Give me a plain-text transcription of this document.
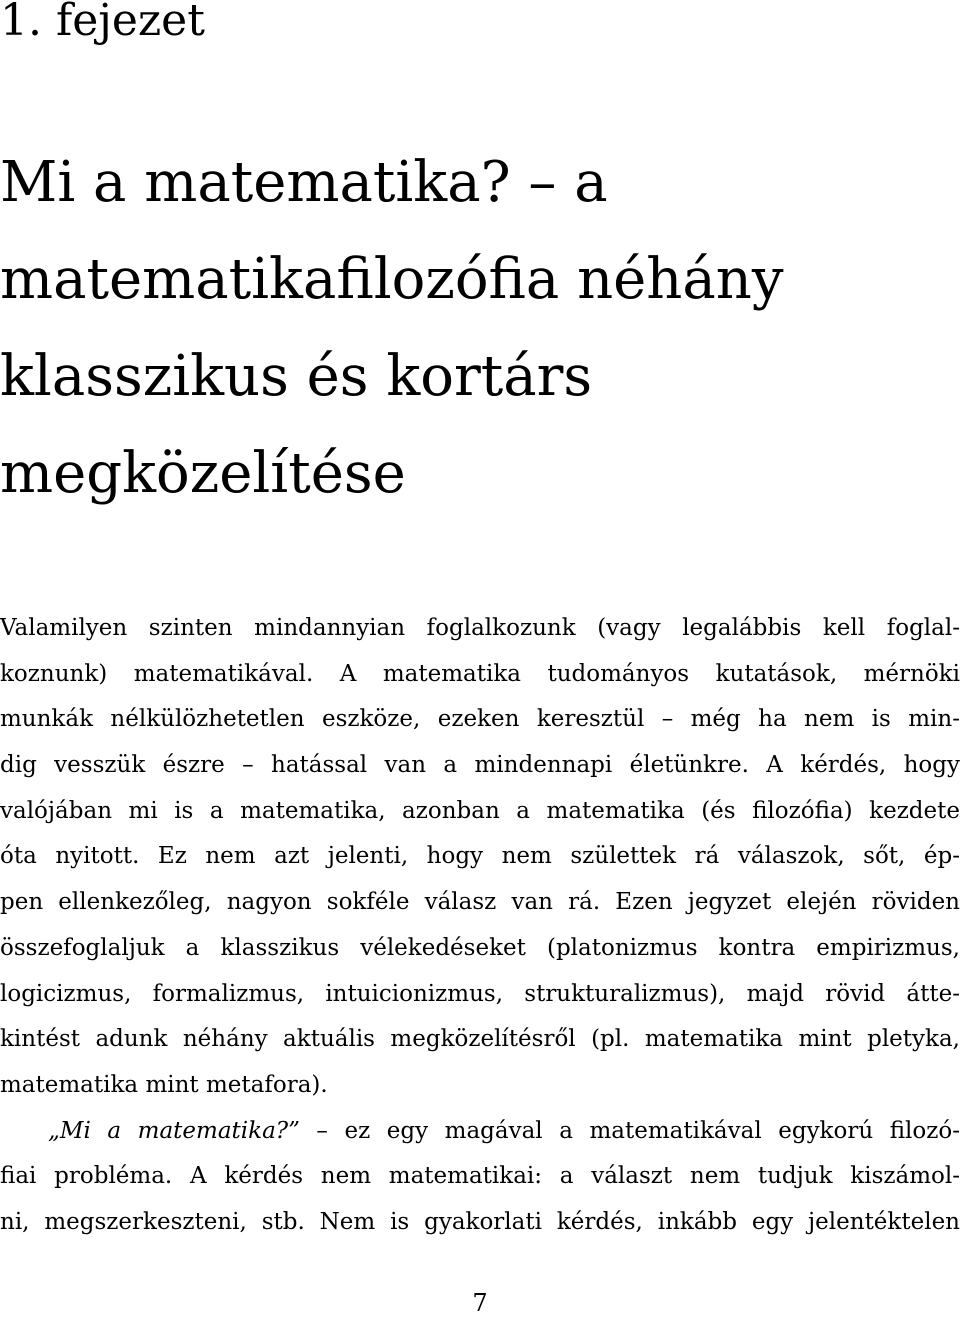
1. fejezet
Mi a matematika? – a
matematikafilozófia néhány
klasszikus és kortárs
megközelítése
Valamilyen szinten mindannyian foglalkozunk (vagy legalábbis kell foglal-
koznunk) matematikával. A matematika tudományos kutatások, mérnöki
munkák nélkülözhetetlen eszköze, ezeken keresztül – még ha nem is min-
dig vesszük észre – hatással van a mindennapi életünkre. A kérdés, hogy
valójában mi is a matematika, azonban a matematika (és filozófia) kezdete
óta nyitott. Ez nem azt jelenti, hogy nem születtek rá válaszok, sőt, ép-
pen ellenkezőleg, nagyon sokféle válasz van rá. Ezen jegyzet elején röviden
összefoglaljuk a klasszikus vélekedéseket (platonizmus kontra empirizmus,
logicizmus, formalizmus, intuicionizmus, strukturalizmus), majd rövid átte-
kintést adunk néhány aktuális megközelítésről (pl. matematika mint pletyka,
matematika mint metafora).
„Mi a matematika?” – ez egy magával a matematikával egykorú filozó-
fiai probléma. A kérdés nem matematikai: a választ nem tudjuk kiszámol-
ni, megszerkeszteni, stb. Nem is gyakorlati kérdés, inkább egy jelentéktelen
7
